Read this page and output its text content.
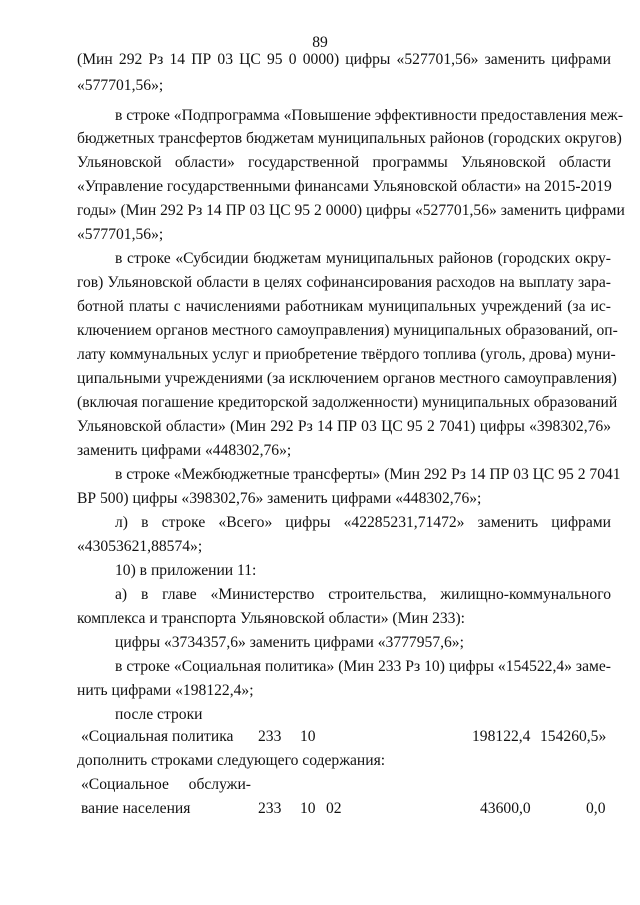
89
(Мин 292 Рз 14 ПР 03 ЦС 95 0 0000) цифры «527701,56» заменить цифрами
«577701,56»;
в строке «Подпрограмма «Повышение эффективности предоставления меж-
бюджетных трансфертов бюджетам муниципальных районов (городских округов)
Ульяновской области» государственной программы Ульяновской области
«Управление государственными финансами Ульяновской области» на 2015-2019
годы» (Мин 292 Рз 14 ПР 03 ЦС 95 2 0000) цифры «527701,56» заменить цифрами
«577701,56»;
в строке «Субсидии бюджетам муниципальных районов (городских окру-
гов) Ульяновской области в целях софинансирования расходов на выплату зара-
ботной платы с начислениями работникам муниципальных учреждений (за ис-
ключением органов местного самоуправления) муниципальных образований, оп-
лату коммунальных услуг и приобретение твёрдого топлива (уголь, дрова) муни-
ципальными учреждениями (за исключением органов местного самоуправления)
(включая погашение кредиторской задолженности) муниципальных образований
Ульяновской области» (Мин 292 Рз 14 ПР 03 ЦС 95 2 7041) цифры «398302,76»
заменить цифрами «448302,76»;
в строке «Межбюджетные трансферты» (Мин 292 Рз 14 ПР 03 ЦС 95 2 7041
ВР 500) цифры «398302,76» заменить цифрами «448302,76»;
л) в строке «Всего» цифры «42285231,71472» заменить цифрами
«43053621,88574»;
10) в приложении 11:
а) в главе «Министерство строительства, жилищно-коммунального
комплекса и транспорта Ульяновской области» (Мин 233):
цифры «3734357,6» заменить цифрами «3777957,6»;
в строке «Социальная политика» (Мин 233 Рз 10) цифры «154522,4» заме-
нить цифрами «198122,4»;
после строки
«Социальная политика 233 10	198122,4 154260,5»
дополнить строками следующего содержания:
«Социальное обслужи-
вание населения	233 10 02	43600,0	0,0
